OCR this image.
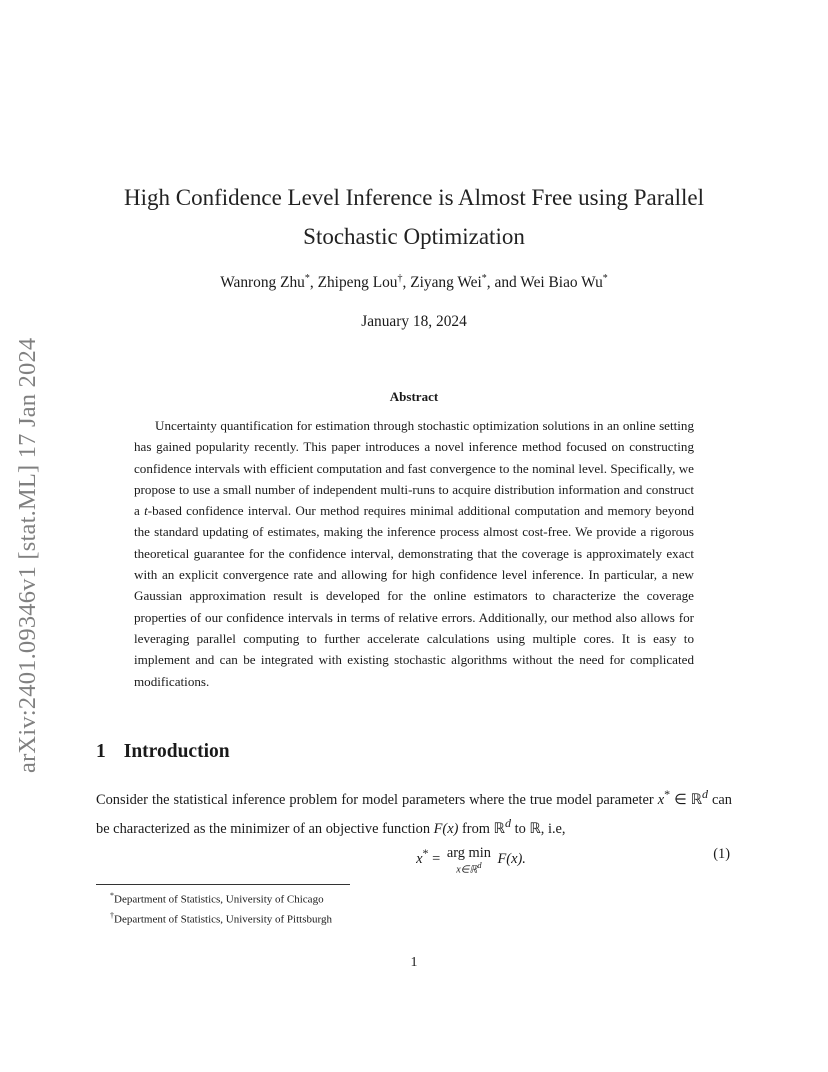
arXiv:2401.09346v1 [stat.ML] 17 Jan 2024
High Confidence Level Inference is Almost Free using Parallel
Stochastic Optimization
Wanrong Zhu*, Zhipeng Lou†, Ziyang Wei*, and Wei Biao Wu*
January 18, 2024
Abstract
Uncertainty quantification for estimation through stochastic optimization solutions in an online setting has gained popularity recently. This paper introduces a novel inference method focused on constructing confidence intervals with efficient computation and fast convergence to the nominal level. Specifically, we propose to use a small number of independent multi-runs to acquire distribution information and construct a t-based confidence interval. Our method requires minimal additional computation and memory beyond the standard updating of estimates, making the inference process almost cost-free. We provide a rigorous theoretical guarantee for the confidence interval, demonstrating that the coverage is approximately exact with an explicit convergence rate and allowing for high confidence level inference. In particular, a new Gaussian approximation result is developed for the online estimators to characterize the coverage properties of our confidence intervals in terms of relative errors. Additionally, our method also allows for leveraging parallel computing to further accelerate calculations using multiple cores. It is easy to implement and can be integrated with existing stochastic algorithms without the need for complicated modifications.
1 Introduction
Consider the statistical inference problem for model parameters where the true model parameter x* ∈ ℝ$^d$ can be characterized as the minimizer of an objective function F(x) from ℝ$^d$ to ℝ, i.e,
x* = arg min
x∈ℝ$^d$ F(x).	(1)
*Department of Statistics, University of Chicago
†Department of Statistics, University of Pittsburgh
1
